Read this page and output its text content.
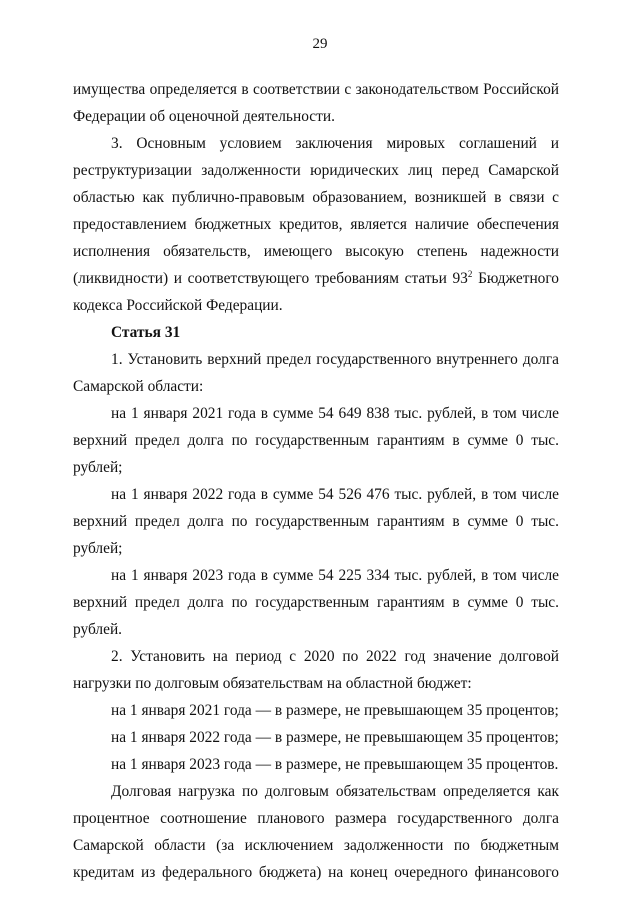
29

имущества определяется в соответствии с законодательством Российской Федерации об оценочной деятельности.

3. Основным условием заключения мировых соглашений и реструктуризации задолженности юридических лиц перед Самарской областью как публично-правовым образованием, возникшей в связи с предоставлением бюджетных кредитов, является наличие обеспечения исполнения обязательств, имеющего высокую степень надежности (ликвидности) и соответствующего требованиям статьи $93^2$ Бюджетного кодекса Российской Федерации.

Статья 31

1. Установить верхний предел государственного внутреннего долга Самарской области:

на 1 января 2021 года в сумме 54 649 838 тыс. рублей, в том числе верхний предел долга по государственным гарантиям в сумме 0 тыс. рублей;

на 1 января 2022 года в сумме 54 526 476 тыс. рублей, в том числе верхний предел долга по государственным гарантиям в сумме 0 тыс. рублей;

на 1 января 2023 года в сумме 54 225 334 тыс. рублей, в том числе верхний предел долга по государственным гарантиям в сумме 0 тыс. рублей.

2. Установить на период с 2020 по 2022 год значение долговой нагрузки по долговым обязательствам на областной бюджет:

на 1 января 2021 года — в размере, не превышающем 35 процентов;

на 1 января 2022 года — в размере, не превышающем 35 процентов;

на 1 января 2023 года — в размере, не превышающем 35 процентов.

Долговая нагрузка по долговым обязательствам определяется как процентное соотношение планового размера государственного долга Самарской области (за исключением задолженности по бюджетным кредитам из федерального бюджета) на конец очередного финансового
